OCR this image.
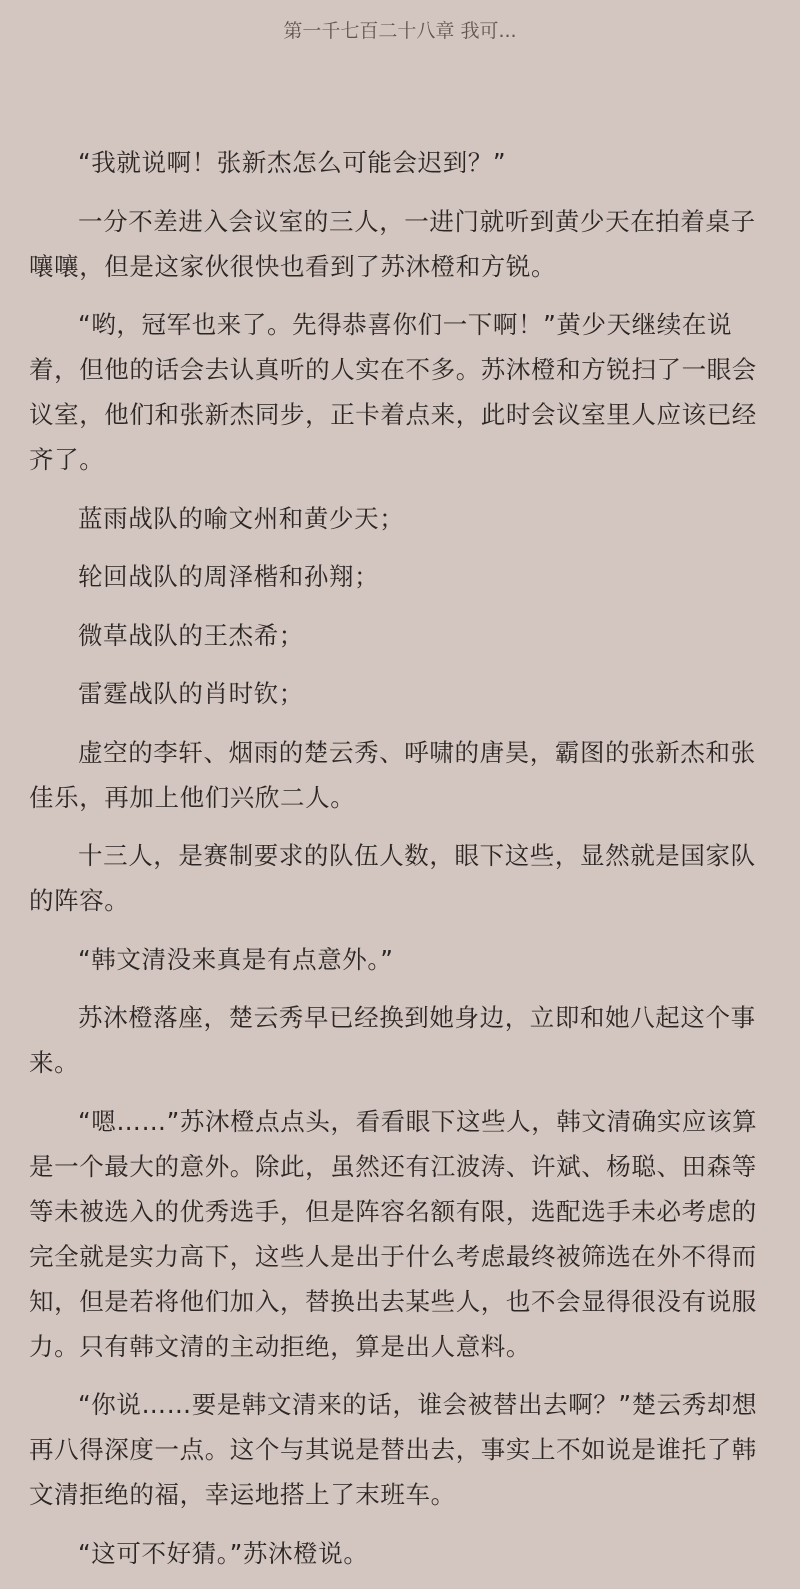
第一千七百二十八章 我可...

“我就说啊！张新杰怎么可能会迟到？”

一分不差进入会议室的三人，一进门就听到黄少天在拍着桌子嚷嚷，但是这家伙很快也看到了苏沐橙和方锐。

“哟，冠军也来了。先得恭喜你们一下啊！”黄少天继续在说着，但他的话会去认真听的人实在不多。苏沐橙和方锐扫了一眼会议室，他们和张新杰同步，正卡着点来，此时会议室里人应该已经齐了。

蓝雨战队的喻文州和黄少天；

轮回战队的周泽楷和孙翔；

微草战队的王杰希；

雷霆战队的肖时钦；

虚空的李轩、烟雨的楚云秀、呼啸的唐昊，霸图的张新杰和张佳乐，再加上他们兴欣二人。

十三人，是赛制要求的队伍人数，眼下这些，显然就是国家队的阵容。

“韩文清没来真是有点意外。”

苏沐橙落座，楚云秀早已经换到她身边，立即和她八起这个事来。

“嗯……”苏沐橙点点头，看看眼下这些人，韩文清确实应该算是一个最大的意外。除此，虽然还有江波涛、许斌、杨聪、田森等等未被选入的优秀选手，但是阵容名额有限，选配选手未必考虑的完全就是实力高下，这些人是出于什么考虑最终被筛选在外不得而知，但是若将他们加入，替换出去某些人，也不会显得很没有说服力。只有韩文清的主动拒绝，算是出人意料。

“你说……要是韩文清来的话，谁会被替出去啊？”楚云秀却想再八得深度一点。这个与其说是替出去，事实上不如说是谁托了韩文清拒绝的福，幸运地搭上了末班车。

“这可不好猜。”苏沐橙说。
